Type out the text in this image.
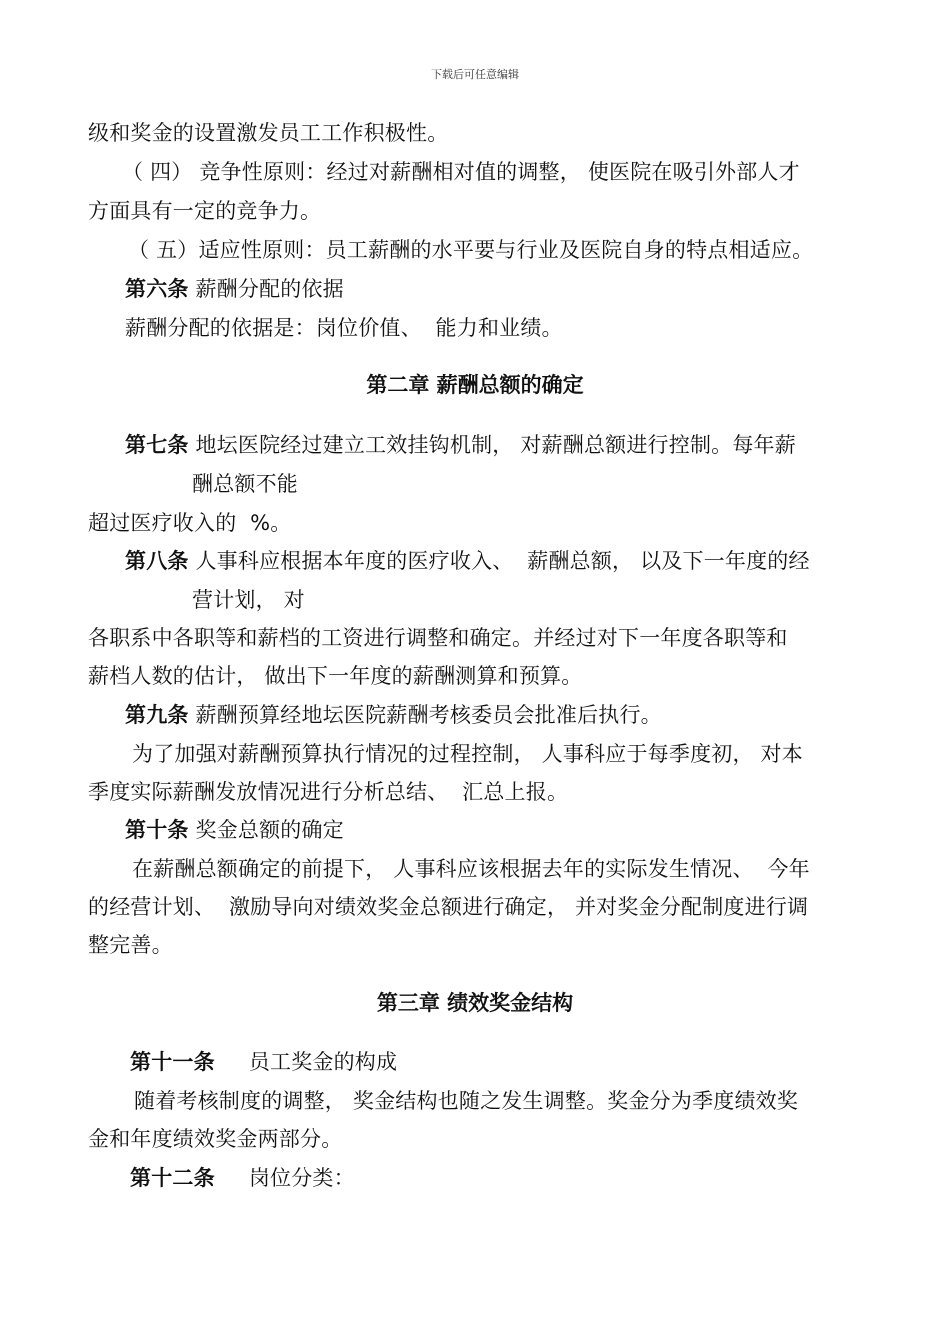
下载后可任意编辑
级和奖金的设置激发员工工作积极性。
（ 四） 竞争性原则：经过对薪酬相对值的调整， 使医院在吸引外部人才
方面具有一定的竞争力。
（ 五）适应性原则：员工薪酬的水平要与行业及医院自身的特点相适应。
第六条 薪酬分配的依据
薪酬分配的依据是：岗位价值、  能力和业绩。
第二章 薪酬总额的确定
第七条 地坛医院经过建立工效挂钩机制， 对薪酬总额进行控制。每年薪
酬总额不能
超过医疗收入的  %。
第八条 人事科应根据本年度的医疗收入、  薪酬总额， 以及下一年度的经
营计划， 对
各职系中各职等和薪档的工资进行调整和确定。并经过对下一年度各职等和
薪档人数的估计， 做出下一年度的薪酬测算和预算。
第九条 薪酬预算经地坛医院薪酬考核委员会批准后执行。
为了加强对薪酬预算执行情况的过程控制， 人事科应于每季度初， 对本
季度实际薪酬发放情况进行分析总结、  汇总上报。
第十条 奖金总额的确定
在薪酬总额确定的前提下， 人事科应该根据去年的实际发生情况、  今年
的经营计划、  激励导向对绩效奖金总额进行确定， 并对奖金分配制度进行调
整完善。
第三章 绩效奖金结构
第十一条 员工奖金的构成
随着考核制度的调整， 奖金结构也随之发生调整。奖金分为季度绩效奖
金和年度绩效奖金两部分。
第十二条 岗位分类：
